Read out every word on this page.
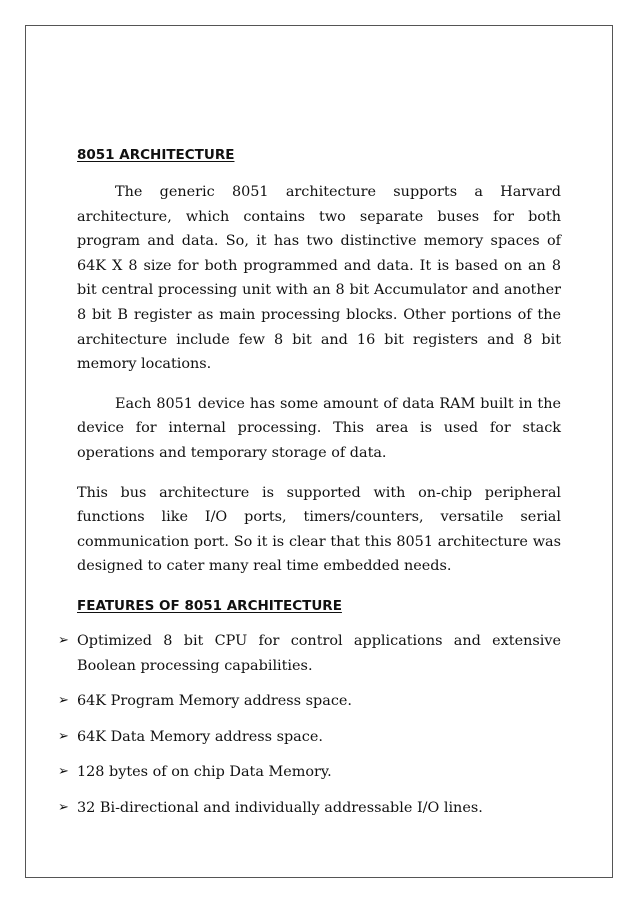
8051 ARCHITECTURE

The generic 8051 architecture supports a Harvard architecture, which contains two separate buses for both program and data. So, it has two distinctive memory spaces of 64K X 8 size for both programmed and data. It is based on an 8 bit central processing unit with an 8 bit Accumulator and another 8 bit B register as main processing blocks. Other portions of the architecture include few 8 bit and 16 bit registers and 8 bit memory locations.

Each 8051 device has some amount of data RAM built in the device for internal processing. This area is used for stack operations and temporary storage of data.

This bus architecture is supported with on-chip peripheral functions like I/O ports, timers/counters, versatile serial communication port. So it is clear that this 8051 architecture was designed to cater many real time embedded needs.

FEATURES OF 8051 ARCHITECTURE
➢ Optimized 8 bit CPU for control applications and extensive Boolean processing capabilities.
➢ 64K Program Memory address space.
➢ 64K Data Memory address space.
➢ 128 bytes of on chip Data Memory.
➢ 32 Bi-directional and individually addressable I/O lines.
